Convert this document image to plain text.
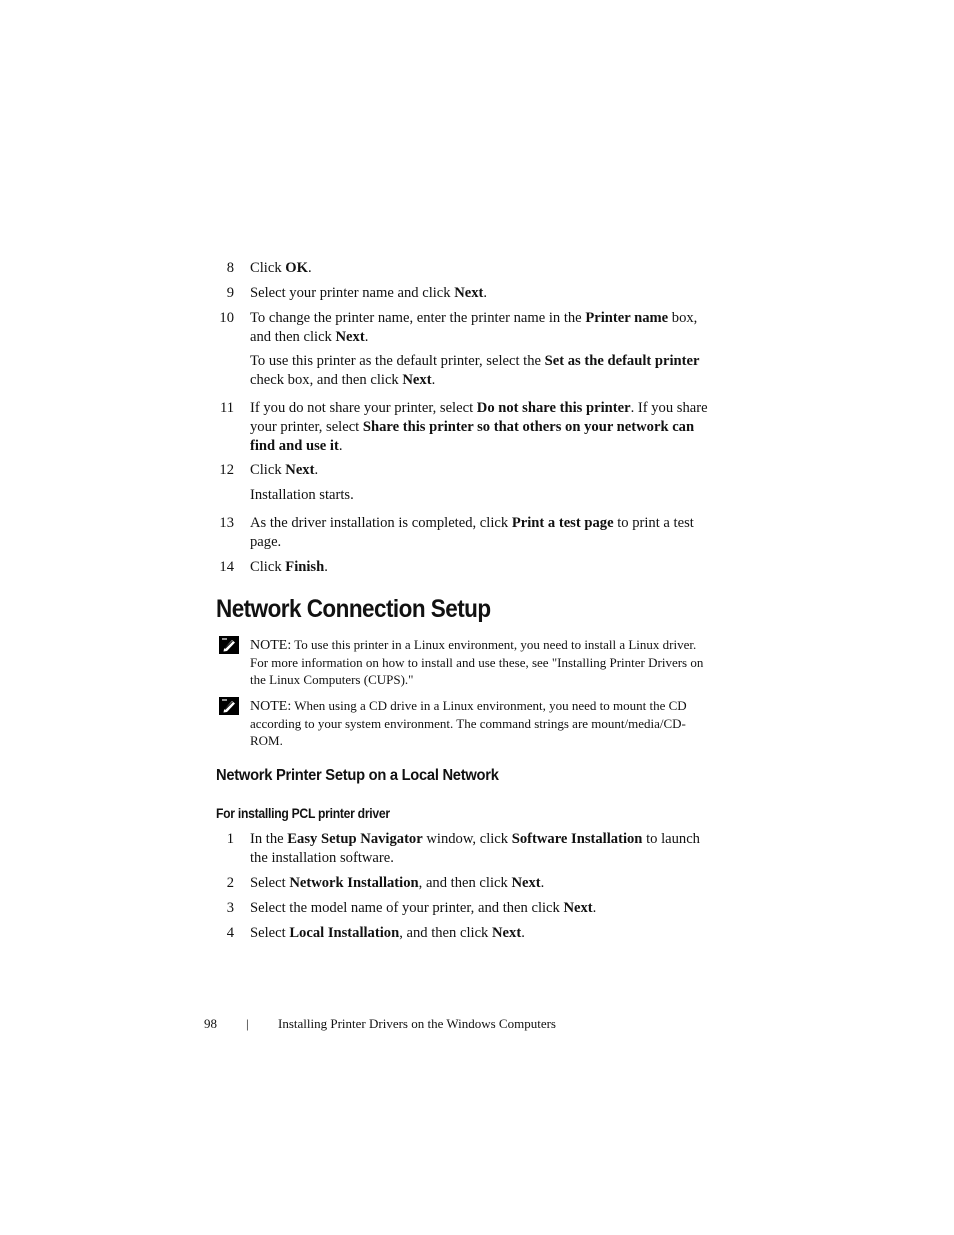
8 Click OK.
9 Select your printer name and click Next.
10 To change the printer name, enter the printer name in the Printer name box, and then click Next.
To use this printer as the default printer, select the Set as the default printer check box, and then click Next.
11 If you do not share your printer, select Do not share this printer. If you share your printer, select Share this printer so that others on your network can find and use it.
12 Click Next.
Installation starts.
13 As the driver installation is completed, click Print a test page to print a test page.
14 Click Finish.
Network Connection Setup
NOTE: To use this printer in a Linux environment, you need to install a Linux driver. For more information on how to install and use these, see "Installing Printer Drivers on the Linux Computers (CUPS)."
NOTE: When using a CD drive in a Linux environment, you need to mount the CD according to your system environment. The command strings are mount/media/CD-ROM.
Network Printer Setup on a Local Network
For installing PCL printer driver
1 In the Easy Setup Navigator window, click Software Installation to launch the installation software.
2 Select Network Installation, and then click Next.
3 Select the model name of your printer, and then click Next.
4 Select Local Installation, and then click Next.
98 | Installing Printer Drivers on the Windows Computers
